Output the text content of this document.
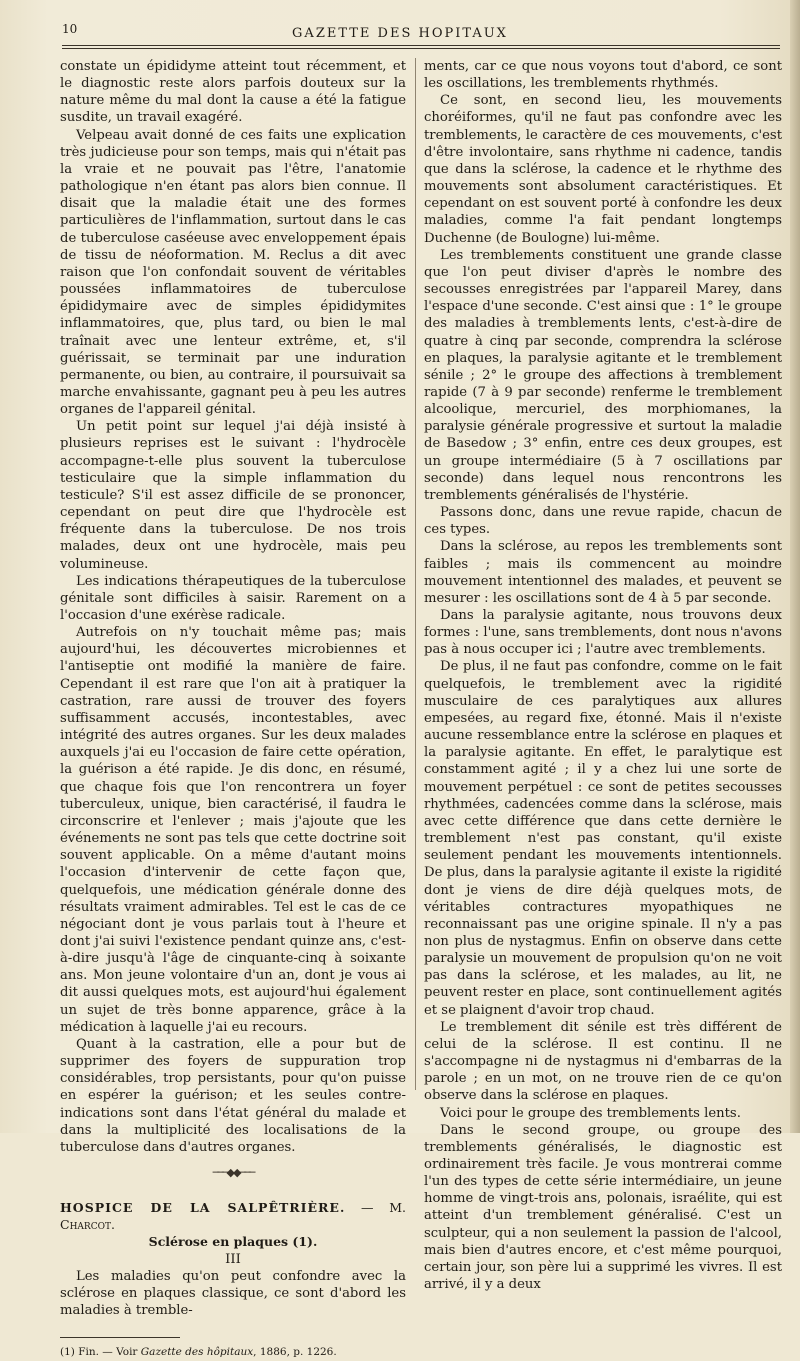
10	GAZETTE DES HOPITAUX

constate un épididyme atteint tout récemment, et le diagnostic reste alors parfois douteux sur la nature même du mal dont la cause a été la fatigue susdite, un travail exagéré.

Velpeau avait donné de ces faits une explication très judicieuse pour son temps, mais qui n'était pas la vraie et ne pouvait pas l'être, l'anatomie pathologique n'en étant pas alors bien connue. Il disait que la maladie était une des formes particulières de l'inflammation, surtout dans le cas de tuberculose caséeuse avec enveloppement épais de tissu de néoformation. M. Reclus a dit avec raison que l'on confondait souvent de véritables poussées inflammatoires de tuberculose épididymaire avec de simples épididymites inflammatoires, que, plus tard, ou bien le mal traînait avec une lenteur extrême, et, s'il guérissait, se terminait par une induration permanente, ou bien, au contraire, il poursuivait sa marche envahissante, gagnant peu à peu les autres organes de l'appareil génital.

Un petit point sur lequel j'ai déjà insisté à plusieurs reprises est le suivant : l'hydrocèle accompagne-t-elle plus souvent la tuberculose testiculaire que la simple inflammation du testicule? S'il est assez difficile de se prononcer, cependant on peut dire que l'hydrocèle est fréquente dans la tuberculose. De nos trois malades, deux ont une hydrocèle, mais peu volumineuse.

Les indications thérapeutiques de la tuberculose génitale sont difficiles à saisir. Rarement on a l'occasion d'une exérèse radicale.

Autrefois on n'y touchait même pas; mais aujourd'hui, les découvertes microbiennes et l'antiseptie ont modifié la manière de faire. Cependant il est rare que l'on ait à pratiquer la castration, rare aussi de trouver des foyers suffisamment accusés, incontestables, avec intégrité des autres organes. Sur les deux malades auxquels j'ai eu l'occasion de faire cette opération, la guérison a été rapide. Je dis donc, en résumé, que chaque fois que l'on rencontrera un foyer tuberculeux, unique, bien caractérisé, il faudra le circonscrire et l'enlever ; mais j'ajoute que les événements ne sont pas tels que cette doctrine soit souvent applicable. On a même d'autant moins l'occasion d'intervenir de cette façon que, quelquefois, une médication générale donne des résultats vraiment admirables. Tel est le cas de ce négociant dont je vous parlais tout à l'heure et dont j'ai suivi l'existence pendant quinze ans, c'est-à-dire jusqu'à l'âge de cinquante-cinq à soixante ans. Mon jeune volontaire d'un an, dont je vous ai dit aussi quelques mots, est aujourd'hui également un sujet de très bonne apparence, grâce à la médication à laquelle j'ai eu recours.

Quant à la castration, elle a pour but de supprimer des foyers de suppuration trop considérables, trop persistants, pour qu'on puisse en espérer la guérison; et les seules contre-indications sont dans l'état général du malade et dans la multiplicité des localisations de la tuberculose dans d'autres organes.

───◆◆───

HOSPICE DE LA SALPÊTRIÈRE. — M. Charcot.

Sclérose en plaques (1).

III

Les maladies qu'on peut confondre avec la sclérose en plaques classique, ce sont d'abord les maladies à tremble-

(1) Fin. — Voir Gazette des hôpitaux, 1886, p. 1226.

ments, car ce que nous voyons tout d'abord, ce sont les oscillations, les tremblements rhythmés.

Ce sont, en second lieu, les mouvements choréiformes, qu'il ne faut pas confondre avec les tremblements, le caractère de ces mouvements, c'est d'être involontaire, sans rhythme ni cadence, tandis que dans la sclérose, la cadence et le rhythme des mouvements sont absolument caractéristiques. Et cependant on est souvent porté à confondre les deux maladies, comme l'a fait pendant longtemps Duchenne (de Boulogne) lui-même.

Les tremblements constituent une grande classe que l'on peut diviser d'après le nombre des secousses enregistrées par l'appareil Marey, dans l'espace d'une seconde. C'est ainsi que : 1° le groupe des maladies à tremblements lents, c'est-à-dire de quatre à cinq par seconde, comprendra la sclérose en plaques, la paralysie agitante et le tremblement sénile ; 2° le groupe des affections à tremblement rapide (7 à 9 par seconde) renferme le tremblement alcoolique, mercuriel, des morphiomanes, la paralysie générale progressive et surtout la maladie de Basedow ; 3° enfin, entre ces deux groupes, est un groupe intermédiaire (5 à 7 oscillations par seconde) dans lequel nous rencontrons les tremblements généralisés de l'hystérie.

Passons donc, dans une revue rapide, chacun de ces types.

Dans la sclérose, au repos les tremblements sont faibles ; mais ils commencent au moindre mouvement intentionnel des malades, et peuvent se mesurer : les oscillations sont de 4 à 5 par seconde.

Dans la paralysie agitante, nous trouvons deux formes : l'une, sans tremblements, dont nous n'avons pas à nous occuper ici ; l'autre avec tremblements.

De plus, il ne faut pas confondre, comme on le fait quelquefois, le tremblement avec la rigidité musculaire de ces paralytiques aux allures empesées, au regard fixe, étonné. Mais il n'existe aucune ressemblance entre la sclérose en plaques et la paralysie agitante. En effet, le paralytique est constamment agité ; il y a chez lui une sorte de mouvement perpétuel : ce sont de petites secousses rhythmées, cadencées comme dans la sclérose, mais avec cette différence que dans cette dernière le tremblement n'est pas constant, qu'il existe seulement pendant les mouvements intentionnels. De plus, dans la paralysie agitante il existe la rigidité dont je viens de dire déjà quelques mots, de véritables contractures myopathiques ne reconnaissant pas une origine spinale. Il n'y a pas non plus de nystagmus. Enfin on observe dans cette paralysie un mouvement de propulsion qu'on ne voit pas dans la sclérose, et les malades, au lit, ne peuvent rester en place, sont continuellement agités et se plaignent d'avoir trop chaud.

Le tremblement dit sénile est très différent de celui de la sclérose. Il est continu. Il ne s'accompagne ni de nystagmus ni d'embarras de la parole ; en un mot, on ne trouve rien de ce qu'on observe dans la sclérose en plaques.

Voici pour le groupe des tremblements lents.

Dans le second groupe, ou groupe des tremblements généralisés, le diagnostic est ordinairement très facile. Je vous montrerai comme l'un des types de cette série intermédiaire, un jeune homme de vingt-trois ans, polonais, israélite, qui est atteint d'un tremblement généralisé. C'est un sculpteur, qui a non seulement la passion de l'alcool, mais bien d'autres encore, et c'est même pourquoi, certain jour, son père lui a supprimé les vivres. Il est arrivé, il y a deux
